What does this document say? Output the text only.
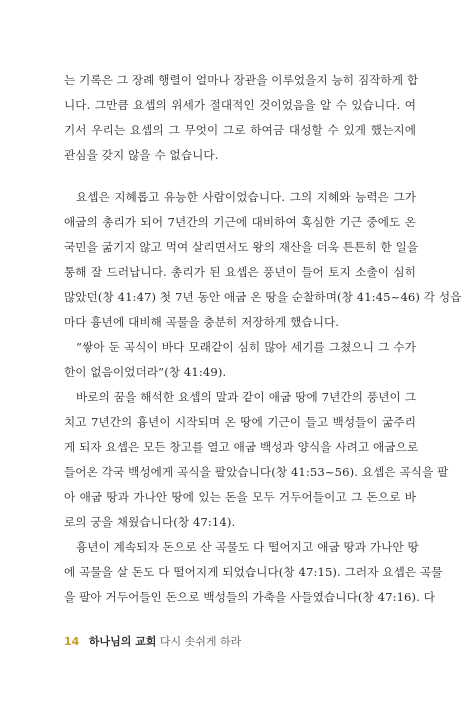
는 기록은 그 장례 행렬이 얼마나 장관을 이루었을지 능히 짐작하게 합
니다. 그만큼 요셉의 위세가 절대적인 것이었음을 알 수 있습니다. 여
기서 우리는 요셉의 그 무엇이 그로 하여금 대성할 수 있게 했는지에
관심을 갖지 않을 수 없습니다.
요셉은 지혜롭고 유능한 사람이었습니다. 그의 지혜와 능력은 그가
애굽의 총리가 되어 7년간의 기근에 대비하여 혹심한 기근 중에도 온
국민을 굶기지 않고 먹여 살리면서도 왕의 재산을 더욱 튼튼히 한 일을
통해 잘 드러납니다. 총리가 된 요셉은 풍년이 들어 토지 소출이 심히
많았던(창 41:47) 첫 7년 동안 애굽 온 땅을 순찰하며(창 41:45~46) 각 성읍
마다 흉년에 대비해 곡물을 충분히 저장하게 했습니다.
“쌓아 둔 곡식이 바다 모래같이 심히 많아 세기를 그쳤으니 그 수가
한이 없음이었더라”(창 41:49).
바로의 꿈을 해석한 요셉의 말과 같이 애굽 땅에 7년간의 풍년이 그
치고 7년간의 흉년이 시작되며 온 땅에 기근이 들고 백성들이 굶주리
게 되자 요셉은 모든 창고를 열고 애굽 백성과 양식을 사려고 애굽으로
들어온 각국 백성에게 곡식을 팔았습니다(창 41:53~56). 요셉은 곡식을 팔
아 애굽 땅과 가나안 땅에 있는 돈을 모두 거두어들이고 그 돈으로 바
로의 궁을 채웠습니다(창 47:14).
흉년이 계속되자 돈으로 산 곡물도 다 떨어지고 애굽 땅과 가나안 땅
에 곡물을 살 돈도 다 떨어지게 되었습니다(창 47:15). 그러자 요셉은 곡물
을 팔아 거두어들인 돈으로 백성들의 가축을 사들였습니다(창 47:16). 다
14 하나님의 교회 다시 솟쉬게 하라
